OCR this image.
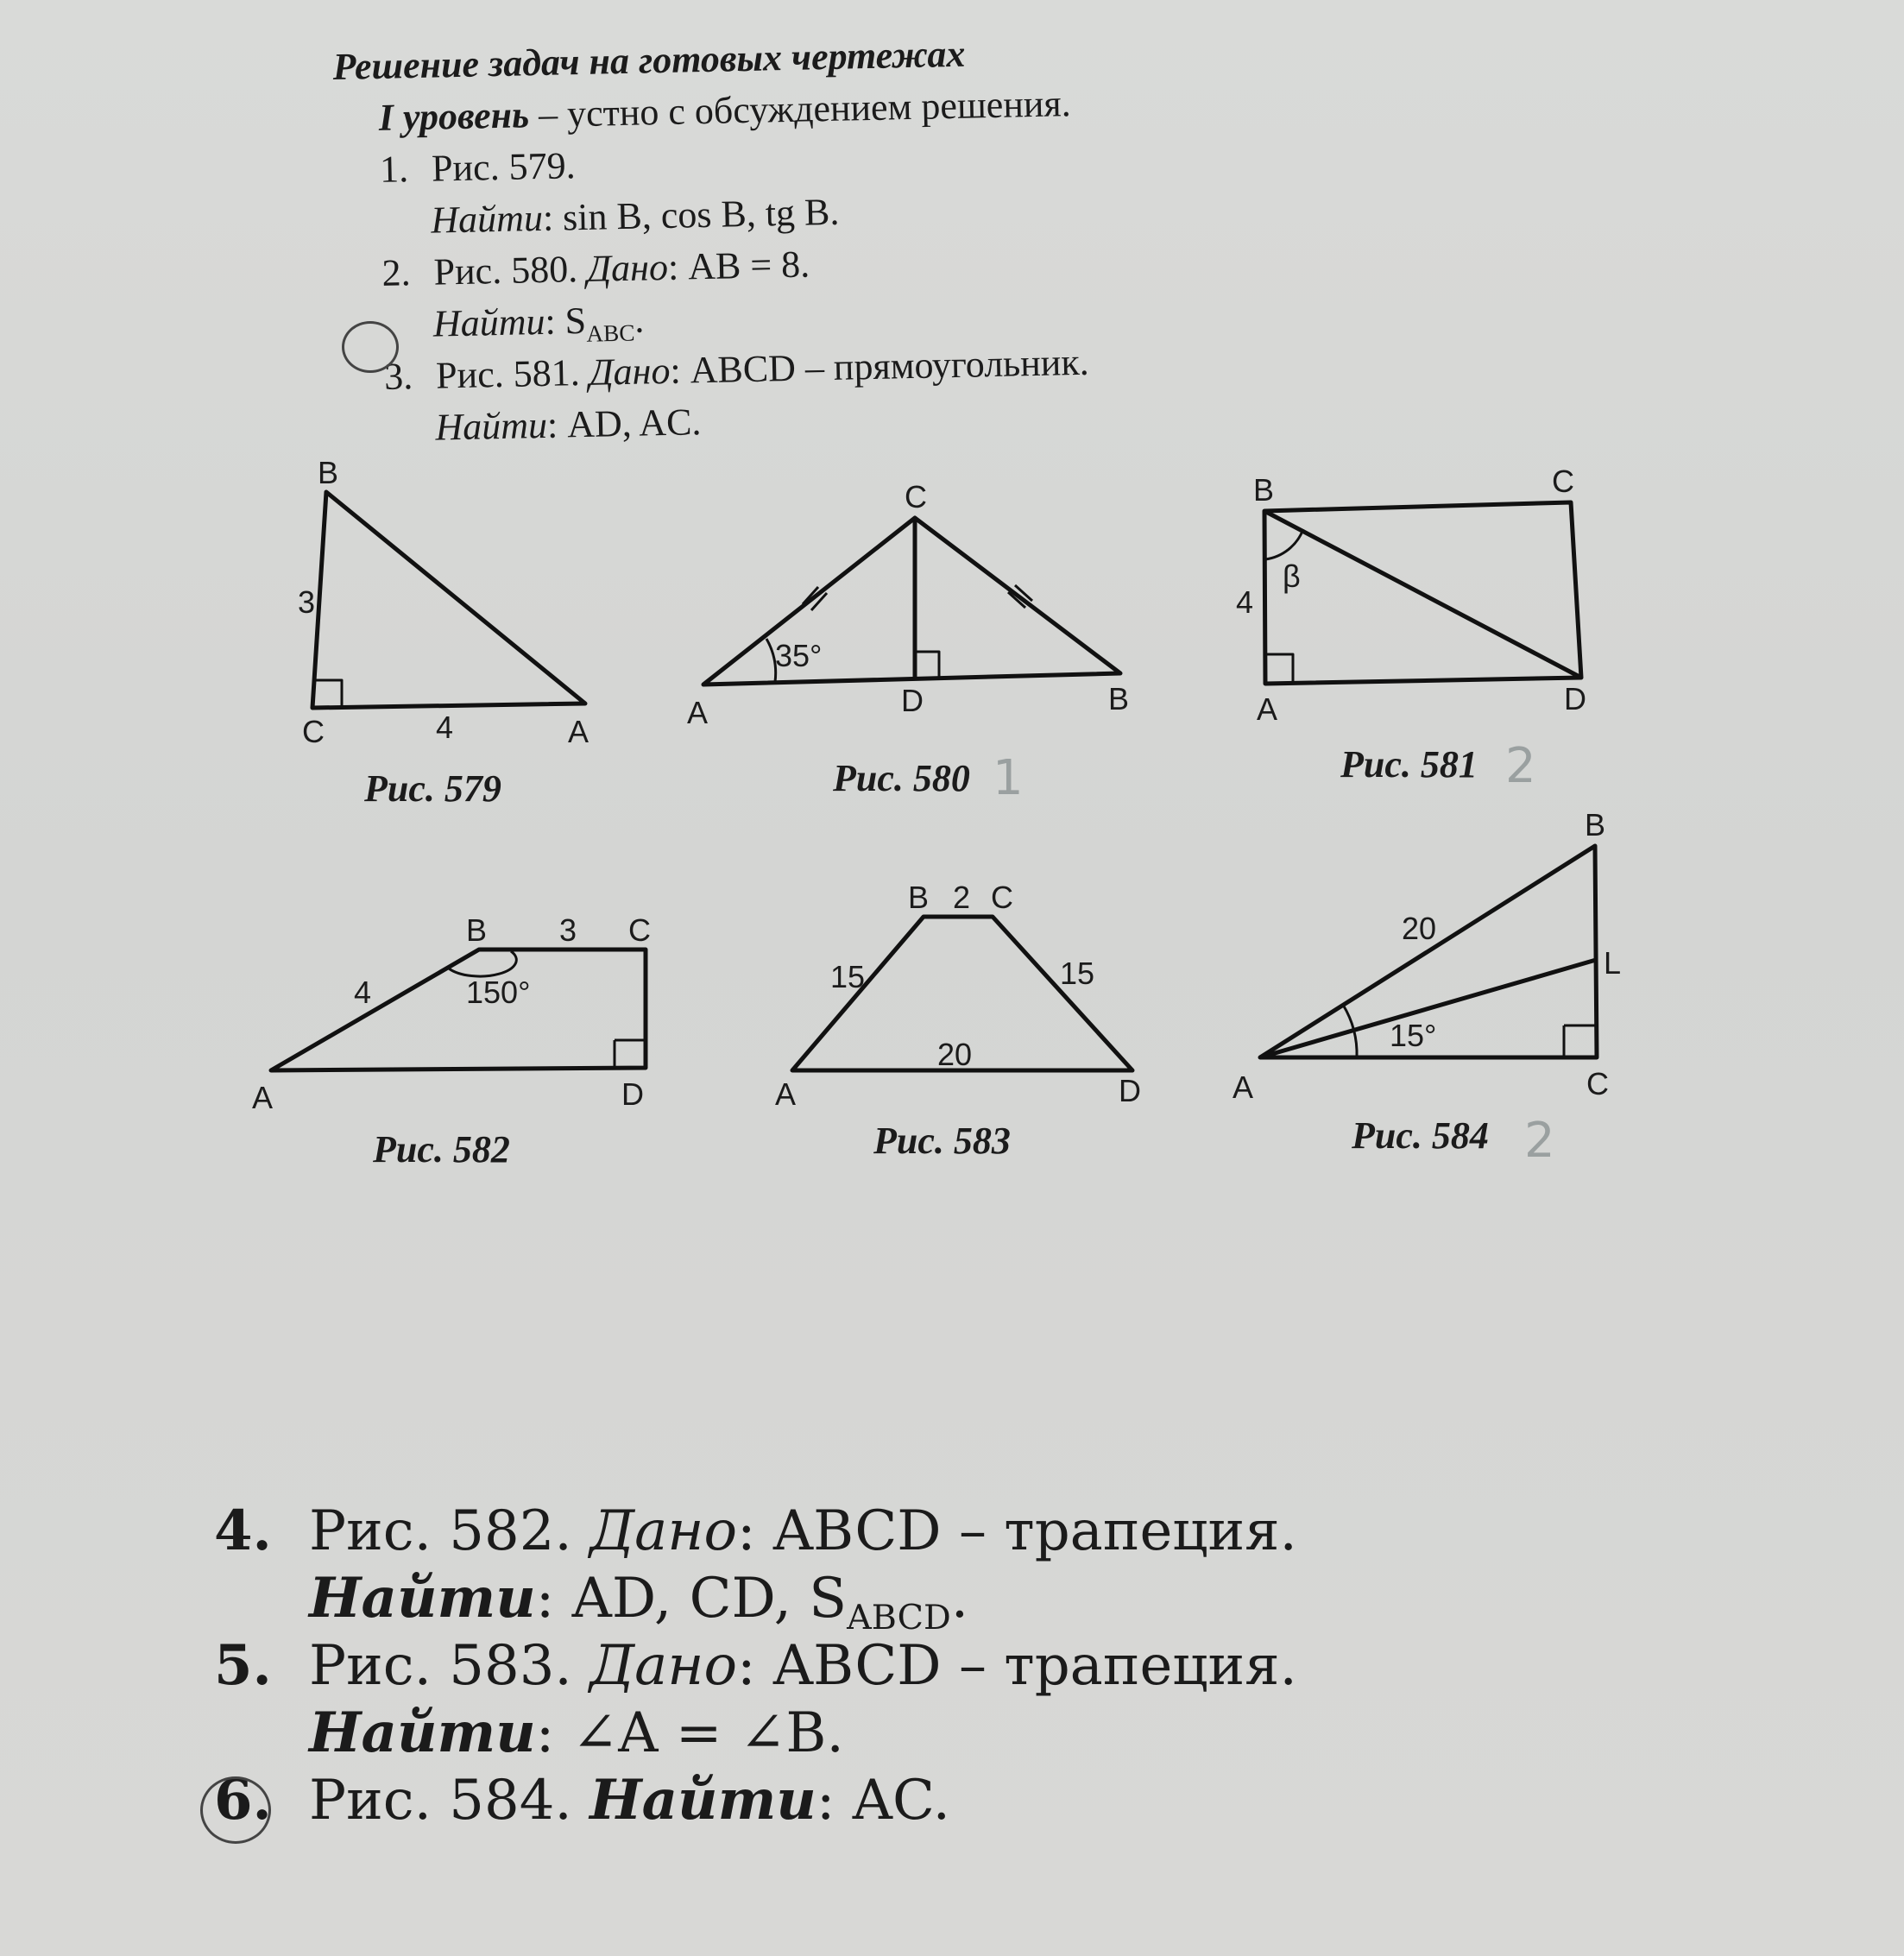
Решение задач на готовых чертежах
I уровень – устно с обсуждением решения.
1. Рис. 579.
Найти: sin B, cos B, tg B.
2. Рис. 580. Дано: AB = 8.
Найти: $S_{ABC}$.
3. Рис. 581. Дано: ABCD – прямоугольник.
Найти: AD, AC.
B
3
C	4	A
Рис. 579
C
35°
A	D	B
Рис. 580 1
B	C
4
β
A	D
Рис. 581 2
B 3 C
4	150°
A	D
Рис. 582
B 2 C
15	15
20
A	D
Рис. 583
B
20
L
15°
A	C
Рис. 584 2
4. Рис. 582. Дано: ABCD – трапеция.
Найти: AD, CD, $S_{ABCD}$.
5. Рис. 583. Дано: ABCD – трапеция.
Найти: ∠A = ∠B.
6. Рис. 584. Найти: AC.
